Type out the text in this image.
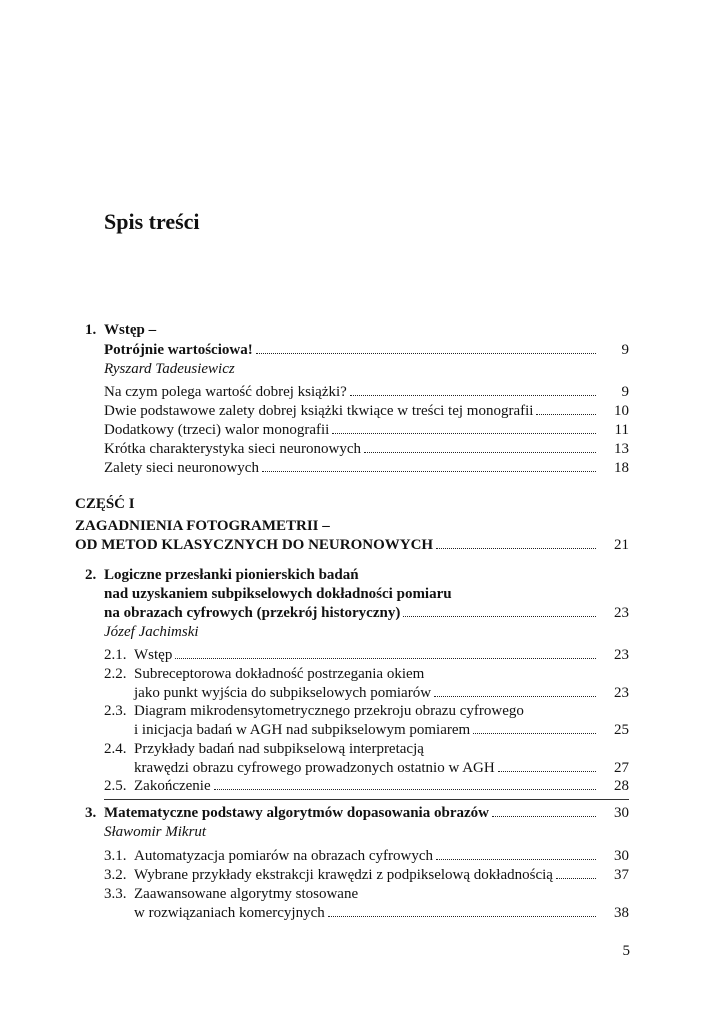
Spis treści
1. Wstęp –
Potrójnie wartościowa!	9
Ryszard Tadeusiewicz
Na czym polega wartość dobrej książki?	9
Dwie podstawowe zalety dobrej książki tkwiące w treści tej monografii	10
Dodatkowy (trzeci) walor monografii	11
Krótka charakterystyka sieci neuronowych	13
Zalety sieci neuronowych	18
CZĘŚĆ I
ZAGADNIENIA FOTOGRAMETRII –
OD METOD KLASYCZNYCH DO NEURONOWYCH	21
2. Logiczne przesłanki pionierskich badań
nad uzyskaniem subpikselowych dokładności pomiaru
na obrazach cyfrowych (przekrój historyczny)	23
Józef Jachimski
2.1. Wstęp	23
2.2. Subreceptorowa dokładność postrzegania okiem
jako punkt wyjścia do subpikselowych pomiarów	23
2.3. Diagram mikrodensytometrycznego przekroju obrazu cyfrowego
i inicjacja badań w AGH nad subpikselowym pomiarem	25
2.4. Przykłady badań nad subpikselową interpretacją
krawędzi obrazu cyfrowego prowadzonych ostatnio w AGH	27
2.5. Zakończenie	28
3. Matematyczne podstawy algorytmów dopasowania obrazów	30
Sławomir Mikrut
3.1. Automatyzacja pomiarów na obrazach cyfrowych	30
3.2. Wybrane przykłady ekstrakcji krawędzi z podpikselową dokładnością	37
3.3. Zaawansowane algorytmy stosowane
w rozwiązaniach komercyjnych	38
5
